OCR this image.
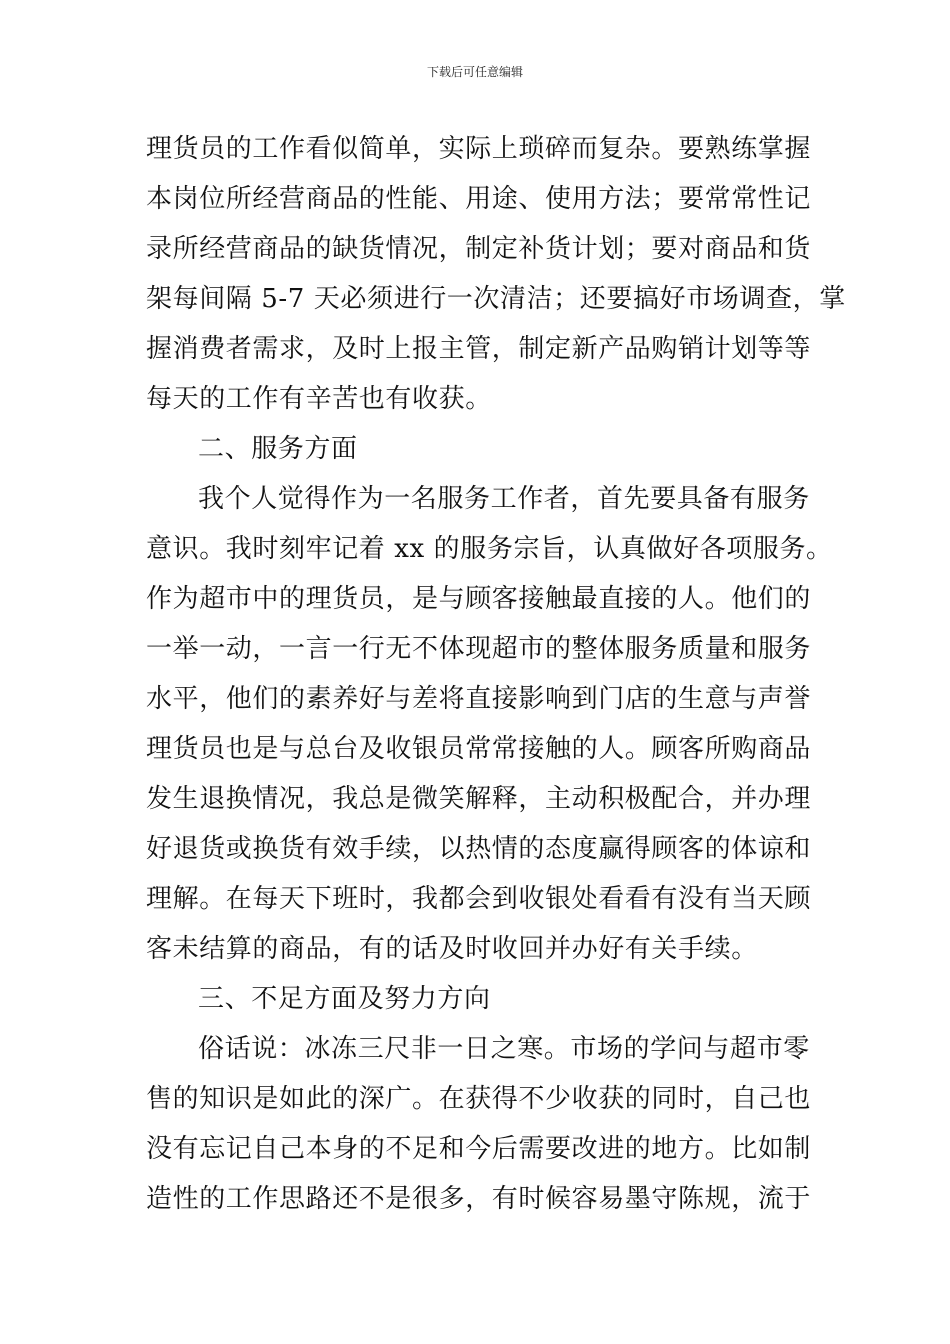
下载后可任意编辑
理货员的工作看似简单，实际上琐碎而复杂。要熟练掌握
本岗位所经营商品的性能、用途、使用方法；要常常性记
录所经营商品的缺货情况，制定补货计划；要对商品和货
架每间隔 5-7 天必须进行一次清洁；还要搞好市场调查，掌
握消费者需求，及时上报主管，制定新产品购销计划等等
每天的工作有辛苦也有收获。
二、服务方面
我个人觉得作为一名服务工作者，首先要具备有服务
意识。我时刻牢记着 xx 的服务宗旨，认真做好各项服务。
作为超市中的理货员，是与顾客接触最直接的人。他们的
一举一动，一言一行无不体现超市的整体服务质量和服务
水平，他们的素养好与差将直接影响到门店的生意与声誉
理货员也是与总台及收银员常常接触的人。顾客所购商品
发生退换情况，我总是微笑解释，主动积极配合，并办理
好退货或换货有效手续，以热情的态度赢得顾客的体谅和
理解。在每天下班时，我都会到收银处看看有没有当天顾
客未结算的商品，有的话及时收回并办好有关手续。
三、不足方面及努力方向
俗话说：冰冻三尺非一日之寒。市场的学问与超市零
售的知识是如此的深广。在获得不少收获的同时，自己也
没有忘记自己本身的不足和今后需要改进的地方。比如制
造性的工作思路还不是很多，有时候容易墨守陈规，流于
